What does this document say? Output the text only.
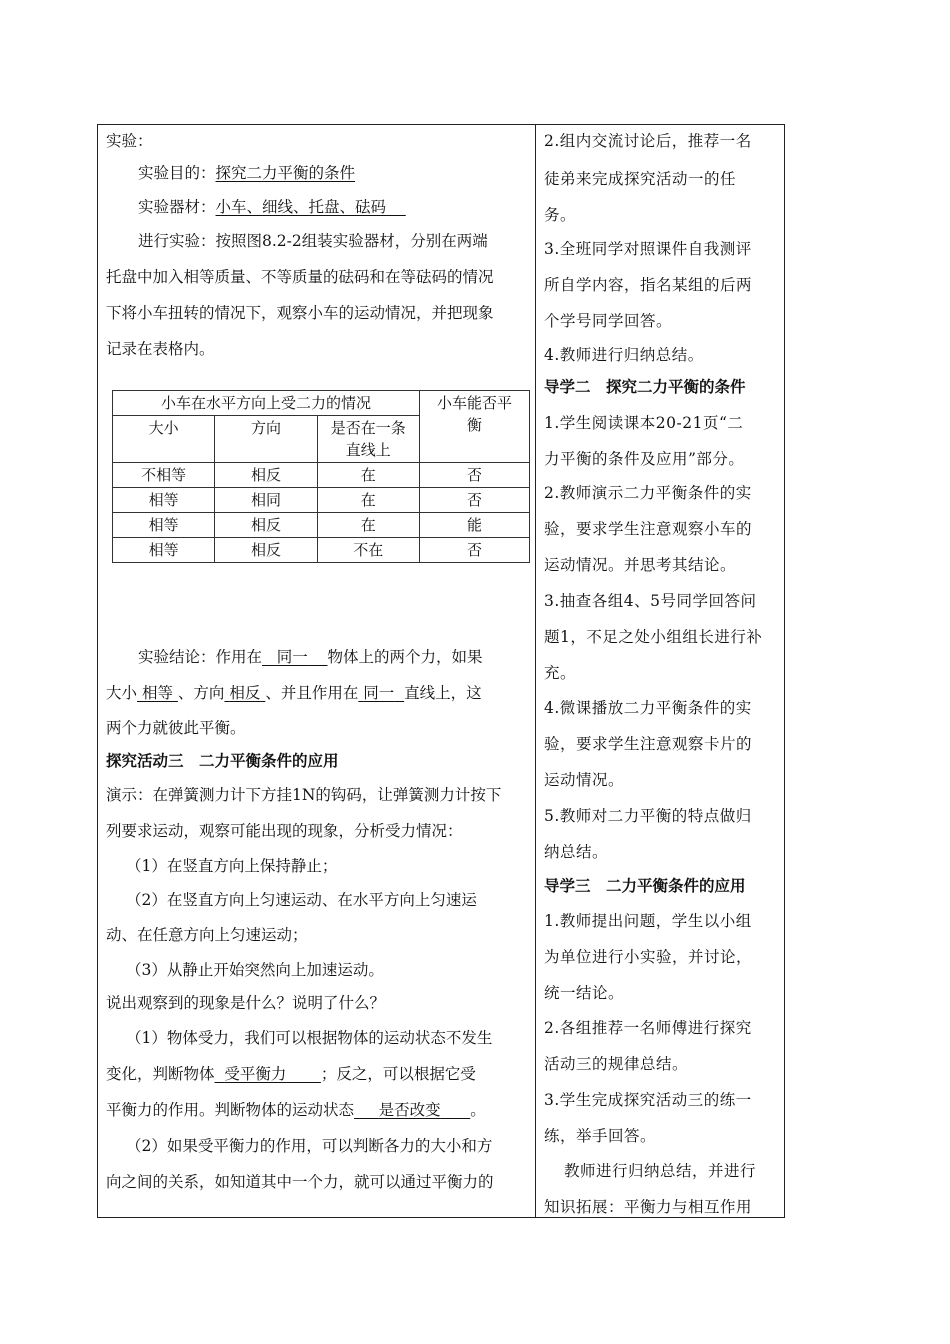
实验：
实验目的：探究二力平衡的条件
实验器材：小车、细线、托盘、砝码
进行实验：按照图8.2-2组装实验器材，分别在两端
托盘中加入相等质量、不等质量的砝码和在等砝码的情况
下将小车扭转的情况下，观察小车的运动情况，并把现象
记录在表格内。
小车在水平方向上受二力的情况			小车能否平
衡

大小	方向	是否在一条
直线上	

不相等	相反	在	否
相等	相同	在	否
相等	相反	在	能
相等	相反	不在	否
实验结论：作用在 同一 物体上的两个力，如果
大小 相等 、方向 相反 、并且作用在 同一 直线上，这
两个力就彼此平衡。
探究活动三　二力平衡条件的应用
演示：在弹簧测力计下方挂1N的钩码，让弹簧测力计按下
列要求运动，观察可能出现的现象，分析受力情况：
（1）在竖直方向上保持静止；
（2）在竖直方向上匀速运动、在水平方向上匀速运
动、在任意方向上匀速运动；
（3）从静止开始突然向上加速运动。
说出观察到的现象是什么？说明了什么？
（1）物体受力，我们可以根据物体的运动状态不发生
变化，判断物体 受平衡力 ；反之，可以根据它受
平衡力的作用。判断物体的运动状态 是否改变 。
（2）如果受平衡力的作用，可以判断各力的大小和方
向之间的关系，如知道其中一个力，就可以通过平衡力的
2.组内交流讨论后，推荐一名
徒弟来完成探究活动一的任
务。
3.全班同学对照课件自我测评
所自学内容，指名某组的后两
个学号同学回答。
4.教师进行归纳总结。
导学二　探究二力平衡的条件
1.学生阅读课本20-21页“二
力平衡的条件及应用”部分。
2.教师演示二力平衡条件的实
验，要求学生注意观察小车的
运动情况。并思考其结论。
3.抽查各组4、5号同学回答问
题1，不足之处小组组长进行补
充。
4.微课播放二力平衡条件的实
验，要求学生注意观察卡片的
运动情况。
5.教师对二力平衡的特点做归
纳总结。
导学三　二力平衡条件的应用
1.教师提出问题，学生以小组
为单位进行小实验，并讨论，
统一结论。
2.各组推荐一名师傅进行探究
活动三的规律总结。
3.学生完成探究活动三的练一
练，举手回答。
教师进行归纳总结，并进行
知识拓展：平衡力与相互作用
